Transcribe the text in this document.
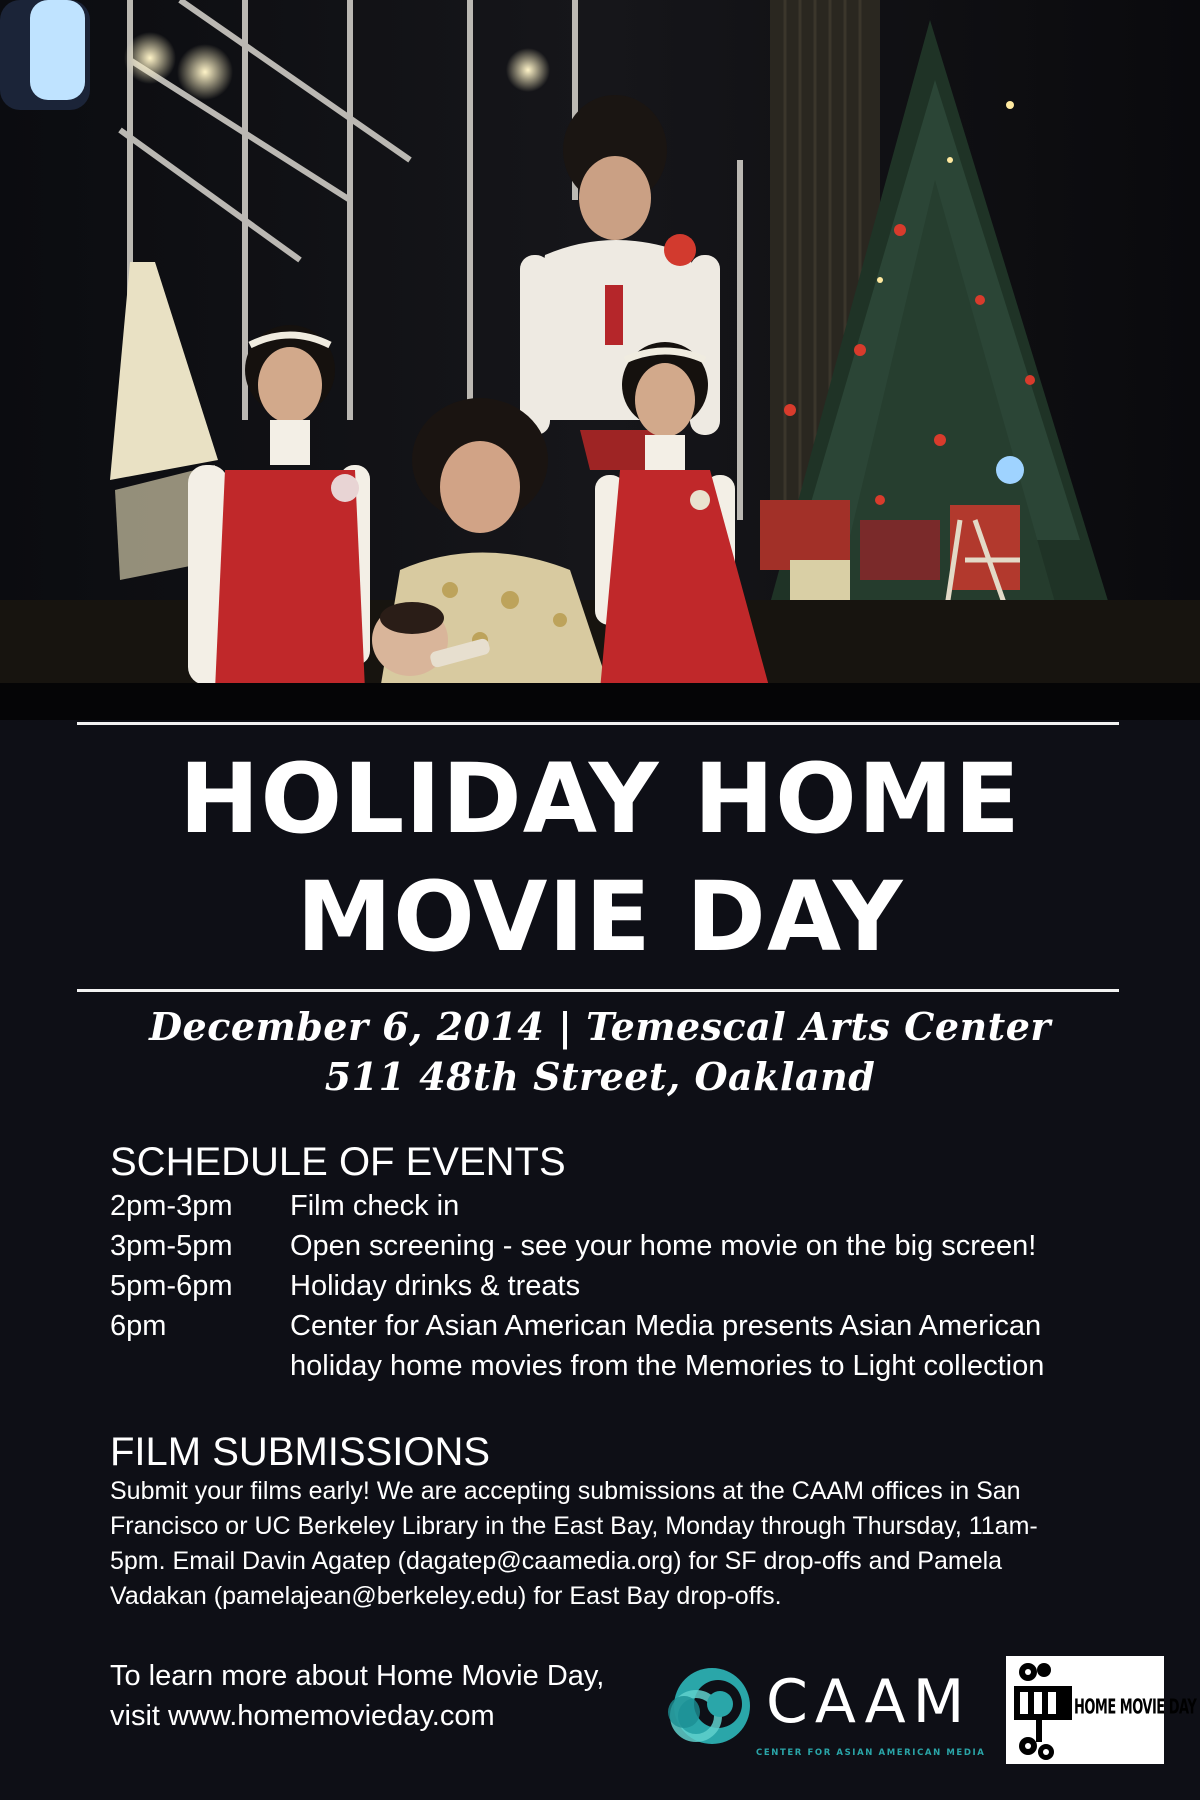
HOLIDAY HOME
MOVIE DAY
December 6, 2014 | Temescal Arts Center
511 48th Street, Oakland
SCHEDULE OF EVENTS
2pm-3pm	Film check in
3pm-5pm	Open screening - see your home movie on the big screen!
5pm-6pm	Holiday drinks & treats
6pm	Center for Asian American Media presents Asian American holiday home movies from the Memories to Light collection
FILM SUBMISSIONS
Submit your films early! We are accepting submissions at the CAAM offices in San Francisco or UC Berkeley Library in the East Bay, Monday through Thursday, 11am-5pm. Email Davin Agatep (dagatep@caamedia.org) for SF drop-offs and Pamela Vadakan (pamelajean@berkeley.edu) for East Bay drop-offs.
To learn more about Home Movie Day,
visit www.homemovieday.com	CAAM
CENTER FOR ASIAN AMERICAN MEDIA
HOME MOVIE DAY
